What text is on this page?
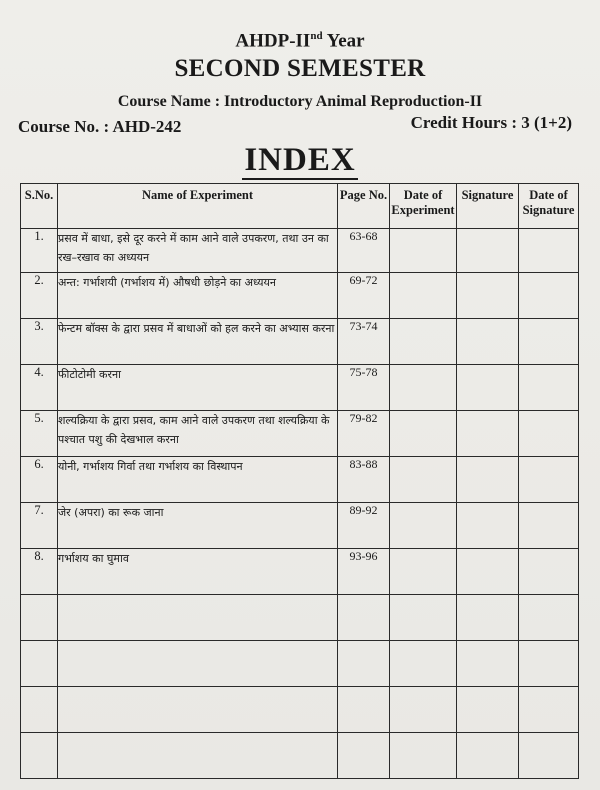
AHDP-IInd Year
SECOND SEMESTER
Course Name : Introductory Animal Reproduction-II
Course No. : AHD-242	Credit Hours : 3 (1+2)
INDEX
S.No.	Name of Experiment	Page No.	Date of Experiment	Signature	Date of Signature
1.	प्रसव में बाधा, इसे दूर करने में काम आने वाले उपकरण, तथा उन का रख–रखाव का अध्ययन	63-68			
2.	अन्त: गर्भाशयी (गर्भाशय में) औषधी छोड़ने का अध्ययन	69-72			
3.	फेन्टम बॉक्स के द्वारा प्रसव में बाधाओं को हल करने का अभ्यास करना	73-74			
4.	फीटोटोमी करना	75-78			
5.	शल्यक्रिया के द्वारा प्रसव, काम आने वाले उपकरण तथा शल्यक्रिया के पश्चात पशु की देखभाल करना	79-82			
6.	योनी, गर्भाशय गिर्वा तथा गर्भाशय का विस्थापन	83-88			
7.	जेर (अपरा) का रूक जाना	89-92			
8.	गर्भाशय का घुमाव	93-96			
